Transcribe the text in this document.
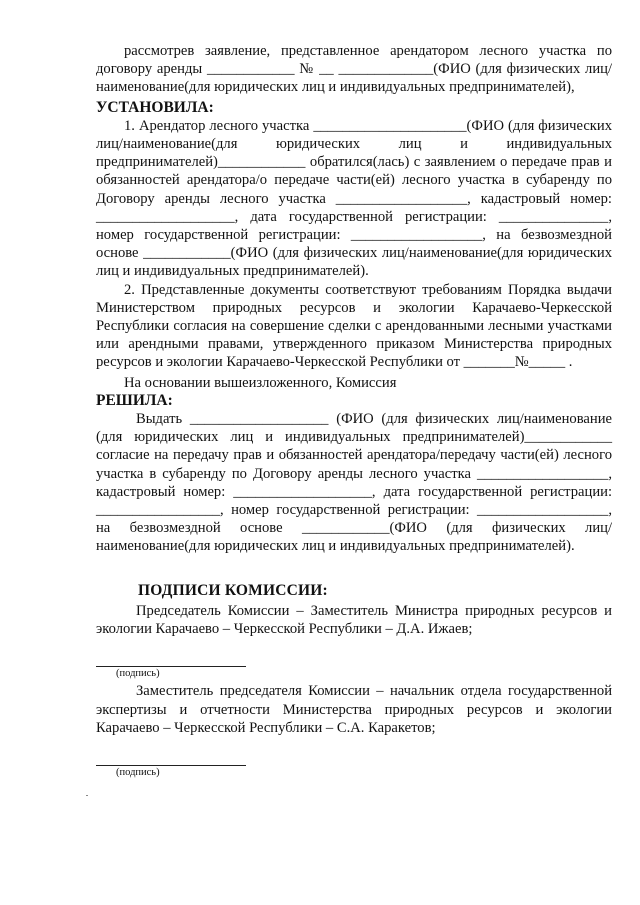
рассмотрев заявление, представленное арендатором лесного участка по договору аренды ____________ № __ _____________(ФИО (для физических лиц/наименование(для юридических лиц и индивидуальных предпринимателей),

УСТАНОВИЛА:

1. Арендатор лесного участка _____________________(ФИО (для физических лиц/наименование(для юридических лиц и индивидуальных предпринимателей)____________ обратился(лась) с заявлением о передаче прав и обязанностей арендатора/о передаче части(ей) лесного участка в субаренду по Договору аренды лесного участка __________________, кадастровый номер: ___________________, дата государственной регистрации: _______________, номер государственной регистрации: __________________, на безвозмездной основе ____________(ФИО (для физических лиц/наименование(для юридических лиц и индивидуальных предпринимателей).

2. Представленные документы соответствуют требованиям Порядка выдачи Министерством природных ресурсов и экологии Карачаево-Черкесской Республики согласия на совершение сделки с арендованными лесными участками или арендными правами, утвержденного приказом Министерства природных ресурсов и экологии Карачаево-Черкесской Республики от _______№_____ .

На основании вышеизложенного, Комиссия

РЕШИЛА:

Выдать ___________________ (ФИО (для физических лиц/наименование (для юридических лиц и индивидуальных предпринимателей)____________ согласие на передачу прав и обязанностей арендатора/передачу части(ей) лесного участка в субаренду по Договору аренды лесного участка __________________, кадастровый номер: ___________________, дата государственной регистрации: _________________, номер государственной регистрации: __________________, на безвозмездной основе ____________(ФИО (для физических лиц/наименование(для юридических лиц и индивидуальных предпринимателей).

ПОДПИСИ КОМИССИИ:

Председатель Комиссии – Заместитель Министра природных ресурсов и экологии Карачаево – Черкесской Республики – Д.А. Ижаев;

(подпись)

Заместитель председателя Комиссии – начальник отдела государственной экспертизы и отчетности Министерства природных ресурсов и экологии Карачаево – Черкесской Республики – С.А. Каракетов;

(подпись)
